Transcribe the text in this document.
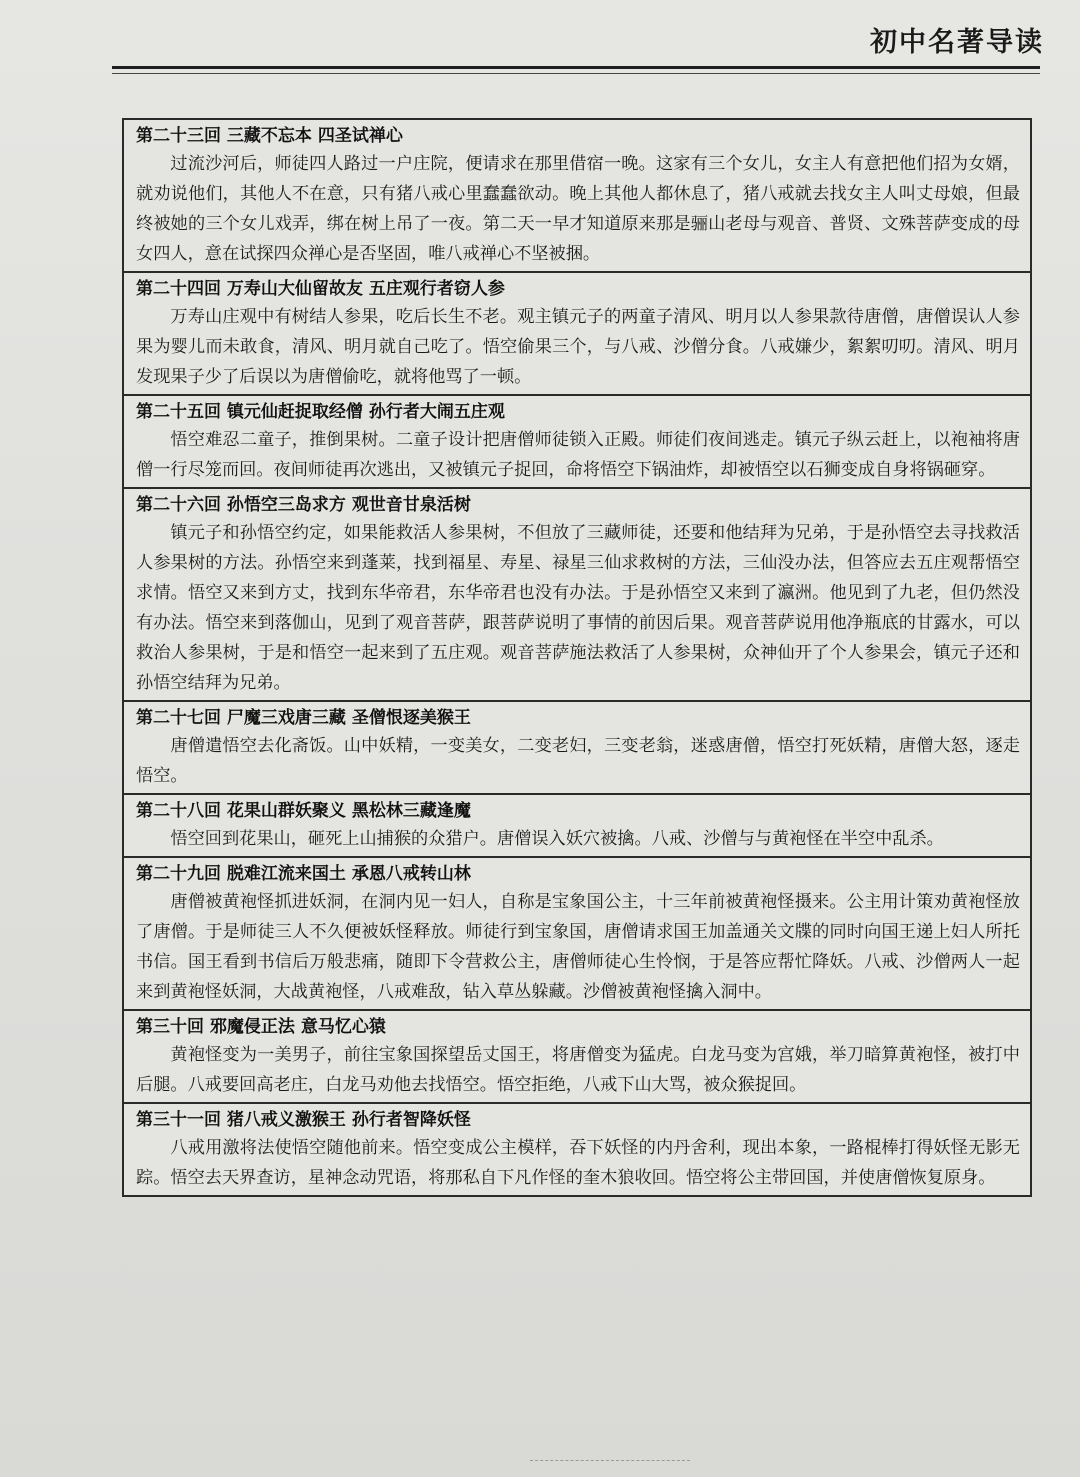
初中名著导读
第二十三回 三藏不忘本 四圣试禅心

过流沙河后，师徒四人路过一户庄院，便请求在那里借宿一晚。这家有三个女儿，女主人有意把他们招为女婿，就劝说他们，其他人不在意，只有猪八戒心里蠢蠢欲动。晚上其他人都休息了，猪八戒就去找女主人叫丈母娘，但最终被她的三个女儿戏弄，绑在树上吊了一夜。第二天一早才知道原来那是骊山老母与观音、普贤、文殊菩萨变成的母女四人，意在试探四众禅心是否坚固，唯八戒禅心不坚被捆。

第二十四回 万寿山大仙留故友 五庄观行者窃人参

万寿山庄观中有树结人参果，吃后长生不老。观主镇元子的两童子清风、明月以人参果款待唐僧，唐僧误认人参果为婴儿而未敢食，清风、明月就自己吃了。悟空偷果三个，与八戒、沙僧分食。八戒嫌少，絮絮叨叨。清风、明月发现果子少了后误以为唐僧偷吃，就将他骂了一顿。

第二十五回 镇元仙赶捉取经僧 孙行者大闹五庄观

悟空难忍二童子，推倒果树。二童子设计把唐僧师徒锁入正殿。师徒们夜间逃走。镇元子纵云赶上，以袍袖将唐僧一行尽笼而回。夜间师徒再次逃出，又被镇元子捉回，命将悟空下锅油炸，却被悟空以石狮变成自身将锅砸穿。

第二十六回 孙悟空三岛求方 观世音甘泉活树

镇元子和孙悟空约定，如果能救活人参果树，不但放了三藏师徒，还要和他结拜为兄弟，于是孙悟空去寻找救活人参果树的方法。孙悟空来到蓬莱，找到福星、寿星、禄星三仙求救树的方法，三仙没办法，但答应去五庄观帮悟空求情。悟空又来到方丈，找到东华帝君，东华帝君也没有办法。于是孙悟空又来到了瀛洲。他见到了九老，但仍然没有办法。悟空来到落伽山，见到了观音菩萨，跟菩萨说明了事情的前因后果。观音菩萨说用他净瓶底的甘露水，可以救治人参果树，于是和悟空一起来到了五庄观。观音菩萨施法救活了人参果树，众神仙开了个人参果会，镇元子还和孙悟空结拜为兄弟。

第二十七回 尸魔三戏唐三藏 圣僧恨逐美猴王

唐僧遣悟空去化斋饭。山中妖精，一变美女，二变老妇，三变老翁，迷惑唐僧，悟空打死妖精，唐僧大怒，逐走悟空。

第二十八回 花果山群妖聚义 黑松林三藏逢魔

悟空回到花果山，砸死上山捕猴的众猎户。唐僧误入妖穴被擒。八戒、沙僧与与黄袍怪在半空中乱杀。

第二十九回 脱难江流来国土 承恩八戒转山林

唐僧被黄袍怪抓进妖洞，在洞内见一妇人，自称是宝象国公主，十三年前被黄袍怪摄来。公主用计策劝黄袍怪放了唐僧。于是师徒三人不久便被妖怪释放。师徒行到宝象国，唐僧请求国王加盖通关文牒的同时向国王递上妇人所托书信。国王看到书信后万般悲痛，随即下令营救公主，唐僧师徒心生怜悯，于是答应帮忙降妖。八戒、沙僧两人一起来到黄袍怪妖洞，大战黄袍怪，八戒难敌，钻入草丛躲藏。沙僧被黄袍怪擒入洞中。

第三十回 邪魔侵正法 意马忆心猿

黄袍怪变为一美男子，前往宝象国探望岳丈国王，将唐僧变为猛虎。白龙马变为宫娥，举刀暗算黄袍怪，被打中后腿。八戒要回高老庄，白龙马劝他去找悟空。悟空拒绝，八戒下山大骂，被众猴捉回。

第三十一回 猪八戒义激猴王 孙行者智降妖怪

八戒用激将法使悟空随他前来。悟空变成公主模样，吞下妖怪的内丹舍利，现出本象，一路棍棒打得妖怪无影无踪。悟空去天界查访，星神念动咒语，将那私自下凡作怪的奎木狼收回。悟空将公主带回国，并使唐僧恢复原身。
